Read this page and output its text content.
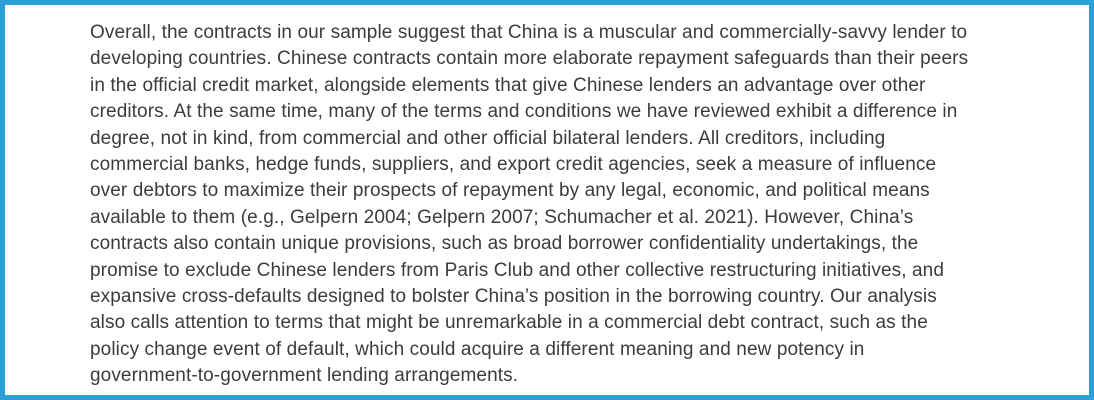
Overall, the contracts in our sample suggest that China is a muscular and commercially-savvy lender to
developing countries. Chinese contracts contain more elaborate repayment safeguards than their peers
in the official credit market, alongside elements that give Chinese lenders an advantage over other
creditors. At the same time, many of the terms and conditions we have reviewed exhibit a difference in
degree, not in kind, from commercial and other official bilateral lenders. All creditors, including
commercial banks, hedge funds, suppliers, and export credit agencies, seek a measure of influence
over debtors to maximize their prospects of repayment by any legal, economic, and political means
available to them (e.g., Gelpern 2004; Gelpern 2007; Schumacher et al. 2021). However, China’s
contracts also contain unique provisions, such as broad borrower confidentiality undertakings, the
promise to exclude Chinese lenders from Paris Club and other collective restructuring initiatives, and
expansive cross-defaults designed to bolster China’s position in the borrowing country. Our analysis
also calls attention to terms that might be unremarkable in a commercial debt contract, such as the
policy change event of default, which could acquire a different meaning and new potency in
government-to-government lending arrangements.
